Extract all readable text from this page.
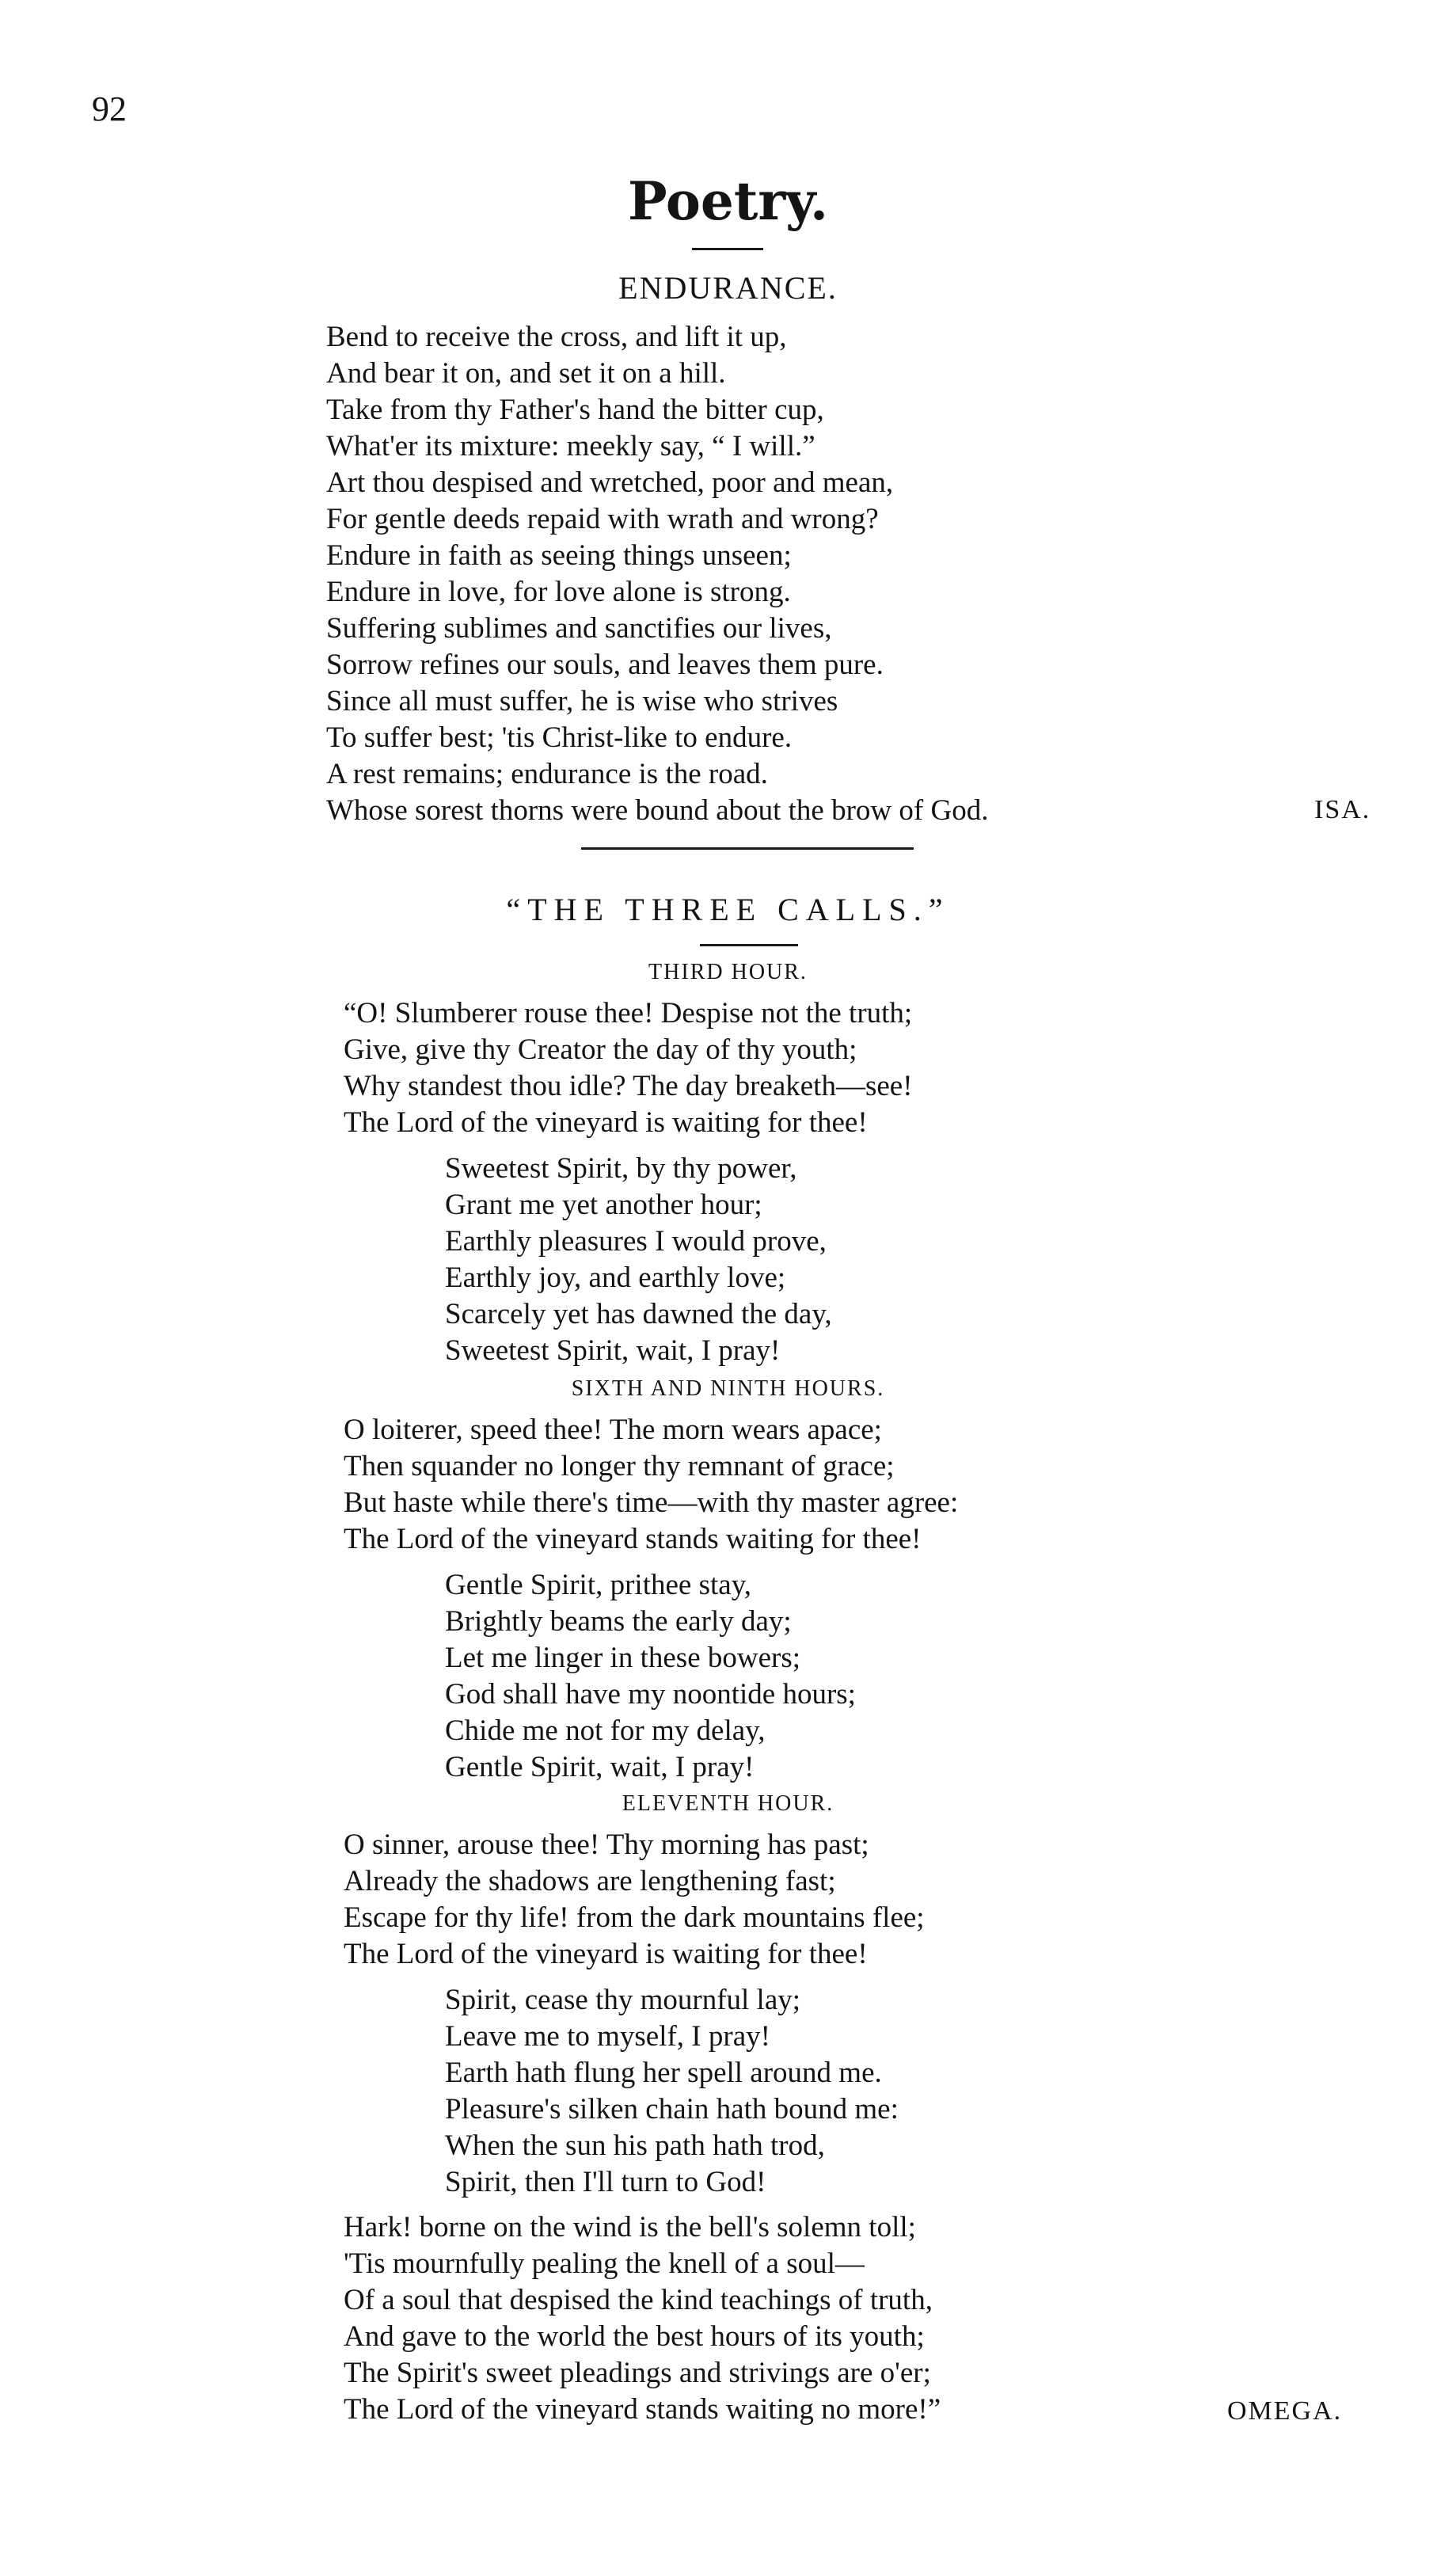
92
Poetry.
ENDURANCE.
Bend to receive the cross, and lift it up,
And bear it on, and set it on a hill.
Take from thy Father's hand the bitter cup,
What'er its mixture: meekly say, “ I will.”
Art thou despised and wretched, poor and mean,
For gentle deeds repaid with wrath and wrong?
Endure in faith as seeing things unseen;
Endure in love, for love alone is strong.
Suffering sublimes and sanctifies our lives,
Sorrow refines our souls, and leaves them pure.
Since all must suffer, he is wise who strives
To suffer best; 'tis Christ-like to endure.
A rest remains; endurance is the road.
Whose sorest thorns were bound about the brow of God.	ISA.
“THE THREE CALLS.”
THIRD HOUR.
“O! Slumberer rouse thee! Despise not the truth;
Give, give thy Creator the day of thy youth;
Why standest thou idle? The day breaketh—see!
The Lord of the vineyard is waiting for thee!
Sweetest Spirit, by thy power,
Grant me yet another hour;
Earthly pleasures I would prove,
Earthly joy, and earthly love;
Scarcely yet has dawned the day,
Sweetest Spirit, wait, I pray!
SIXTH AND NINTH HOURS.
O loiterer, speed thee! The morn wears apace;
Then squander no longer thy remnant of grace;
But haste while there's time—with thy master agree:
The Lord of the vineyard stands waiting for thee!
Gentle Spirit, prithee stay,
Brightly beams the early day;
Let me linger in these bowers;
God shall have my noontide hours;
Chide me not for my delay,
Gentle Spirit, wait, I pray!
ELEVENTH HOUR.
O sinner, arouse thee! Thy morning has past;
Already the shadows are lengthening fast;
Escape for thy life! from the dark mountains flee;
The Lord of the vineyard is waiting for thee!
Spirit, cease thy mournful lay;
Leave me to myself, I pray!
Earth hath flung her spell around me.
Pleasure's silken chain hath bound me:
When the sun his path hath trod,
Spirit, then I'll turn to God!
Hark! borne on the wind is the bell's solemn toll;
'Tis mournfully pealing the knell of a soul—
Of a soul that despised the kind teachings of truth,
And gave to the world the best hours of its youth;
The Spirit's sweet pleadings and strivings are o'er;
The Lord of the vineyard stands waiting no more!”	OMEGA.
